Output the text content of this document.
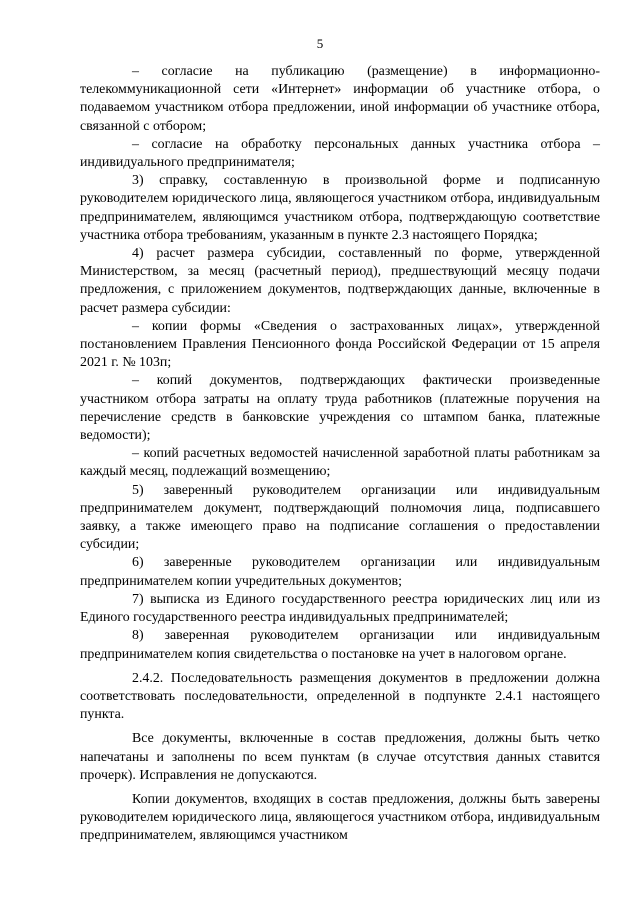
5

– согласие на публикацию (размещение) в информационно-телекоммуникационной сети «Интернет» информации об участнике отбора, о подаваемом участником отбора предложении, иной информации об участнике отбора, связанной с отбором;

– согласие на обработку персональных данных участника отбора – индивидуального предпринимателя;

3) справку, составленную в произвольной форме и подписанную руководителем юридического лица, являющегося участником отбора, индивидуальным предпринимателем, являющимся участником отбора, подтверждающую соответствие участника отбора требованиям, указанным в пункте 2.3 настоящего Порядка;

4) расчет размера субсидии, составленный по форме, утвержденной Министерством, за месяц (расчетный период), предшествующий месяцу подачи предложения, с приложением документов, подтверждающих данные, включенные в расчет размера субсидии:

– копии формы «Сведения о застрахованных лицах», утвержденной постановлением Правления Пенсионного фонда Российской Федерации от 15 апреля 2021 г. № 103п;

– копий документов, подтверждающих фактически произведенные участником отбора затраты на оплату труда работников (платежные поручения на перечисление средств в банковские учреждения со штампом банка, платежные ведомости);

– копий расчетных ведомостей начисленной заработной платы работникам за каждый месяц, подлежащий возмещению;

5) заверенный руководителем организации или индивидуальным предпринимателем документ, подтверждающий полномочия лица, подписавшего заявку, а также имеющего право на подписание соглашения о предоставлении субсидии;

6) заверенные руководителем организации или индивидуальным предпринимателем копии учредительных документов;

7) выписка из Единого государственного реестра юридических лиц или из Единого государственного реестра индивидуальных предпринимателей;

8) заверенная руководителем организации или индивидуальным предпринимателем копия свидетельства о постановке на учет в налоговом органе.

2.4.2. Последовательность размещения документов в предложении должна соответствовать последовательности, определенной в подпункте 2.4.1 настоящего пункта.

Все документы, включенные в состав предложения, должны быть четко напечатаны и заполнены по всем пунктам (в случае отсутствия данных ставится прочерк). Исправления не допускаются.

Копии документов, входящих в состав предложения, должны быть заверены руководителем юридического лица, являющегося участником отбора, индивидуальным предпринимателем, являющимся участником
